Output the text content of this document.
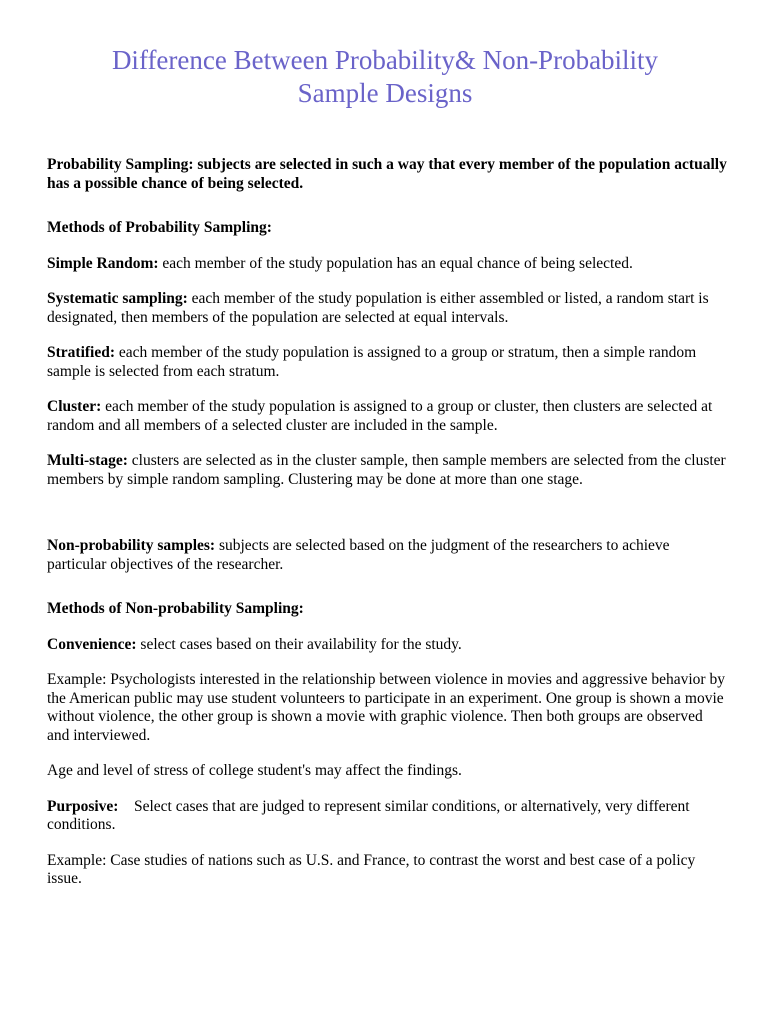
Difference Between Probability& Non-Probability
Sample Designs

Probability Sampling: subjects are selected in such a way that every member of the population actually has a possible chance of being selected.

Methods of Probability Sampling:

Simple Random: each member of the study population has an equal chance of being selected.

Systematic sampling: each member of the study population is either assembled or listed, a random start is designated, then members of the population are selected at equal intervals.

Stratified: each member of the study population is assigned to a group or stratum, then a simple random sample is selected from each stratum.

Cluster: each member of the study population is assigned to a group or cluster, then clusters are selected at random and all members of a selected cluster are included in the sample.

Multi-stage: clusters are selected as in the cluster sample, then sample members are selected from the cluster members by simple random sampling. Clustering may be done at more than one stage.

Non-probability samples: subjects are selected based on the judgment of the researchers to achieve particular objectives of the researcher.

Methods of Non-probability Sampling:

Convenience: select cases based on their availability for the study.

Example: Psychologists interested in the relationship between violence in movies and aggressive behavior by the American public may use student volunteers to participate in an experiment. One group is shown a movie without violence, the other group is shown a movie with graphic violence. Then both groups are observed and interviewed.

Age and level of stress of college student's may affect the findings.

Purposive:    Select cases that are judged to represent similar conditions, or alternatively, very different conditions.

Example: Case studies of nations such as U.S. and France, to contrast the worst and best case of a policy issue.
